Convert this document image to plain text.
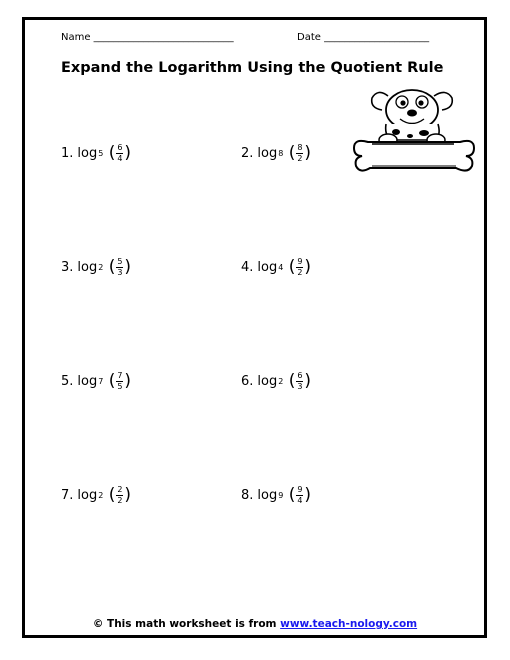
Name ____________________________	Date _____________________
Expand the Logarithm Using the Quotient Rule
1. log 5 ( $\frac{6}{4}$ )	2. log 8 ( $\frac{8}{2}$ )
3. log 2 ( $\frac{5}{3}$ )	4. log 4 ( $\frac{9}{2}$ )
5. log 7 ( $\frac{7}{5}$ )	6. log 2 ( $\frac{6}{3}$ )
7. log 2 ( $\frac{2}{2}$ )	8. log 9 ( $\frac{9}{4}$ )
© This math worksheet is from www.teach-nology.com
